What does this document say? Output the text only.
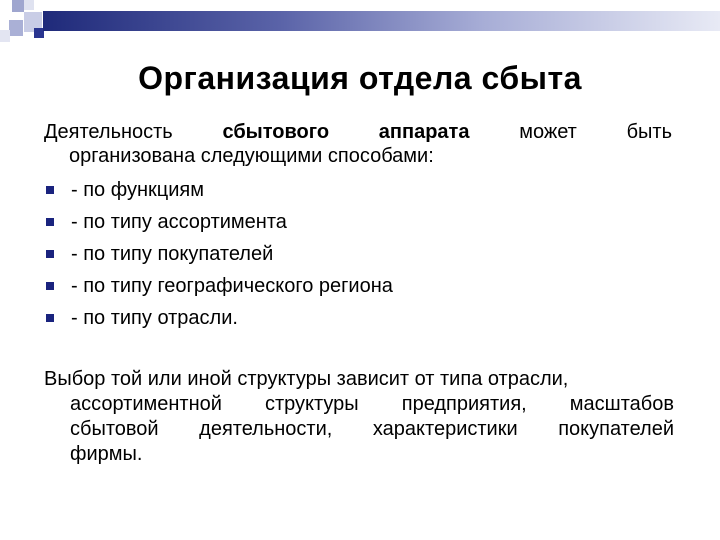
Организация отдела сбыта
Деятельность сбытового аппарата может быть
организована следующими способами:
- по функциям
- по типу ассортимента
- по типу покупателей
- по типу географического региона
- по типу отрасли.
Выбор той или иной структуры зависит от типа отрасли,
ассортиментной структуры предприятия, масштабов
сбытовой деятельности, характеристики покупателей
фирмы.
